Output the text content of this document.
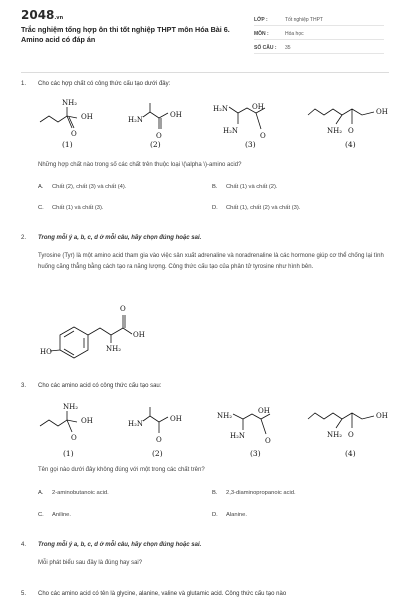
2048.vn
Trắc nghiệm tổng hợp ôn thi tốt nghiệp THPT môn Hóa Bài 6. Amino acid có đáp án
LỚP :	Tốt nghiệp THPT
MÔN :	Hóa học
SỐ CÂU : 35
1. Cho các hợp chất có công thức cấu tạo dưới đây:
NH₂
OH
O
(1)
H₂N
OH
O
(2)
H₂N
H₂N
OH
O
(3)
OH
NH₂ O
(4)
Những hợp chất nào trong số các chất trên thuộc loại \(\alpha \)-amino acid?
A. Chất (2), chất (3) và chất (4).	B. Chất (1) và chất (2).
C. Chất (1) và chất (3).	D. Chất (1), chất (2) và chất (3).
2. Trong mỗi ý a, b, c, d ở mỗi câu, hãy chọn đúng hoặc sai.
Tyrosine (Tyr) là một amino acid tham gia vào việc sản xuất adrenaline và noradrenaline là các hormone giúp cơ thể chống lại tình huống căng thẳng bằng cách tạo ra năng lượng. Công thức cấu tạo của phân tử tyrosine như hình bên.
HO
O
OH
NH₂
3. Cho các amino acid có công thức cấu tạo sau:
NH₂
OH
O
(1)
H₂N
OH
O
(2)
NH₂
H₂N
OH
O
(3)
OH
NH₂ O
(4)
Tên gọi nào dưới đây không đúng với một trong các chất trên?
A. 2-aminobutanoic acid.	B. 2,3-diaminopropanoic acid.
C. Aniline.	D. Alanine.
4. Trong mỗi ý a, b, c, d ở mỗi câu, hãy chọn đúng hoặc sai.
Mỗi phát biểu sau đây là đúng hay sai?
5. Cho các amino acid có tên là glycine, alanine, valine và glutamic acid. Công thức cấu tạo nào
